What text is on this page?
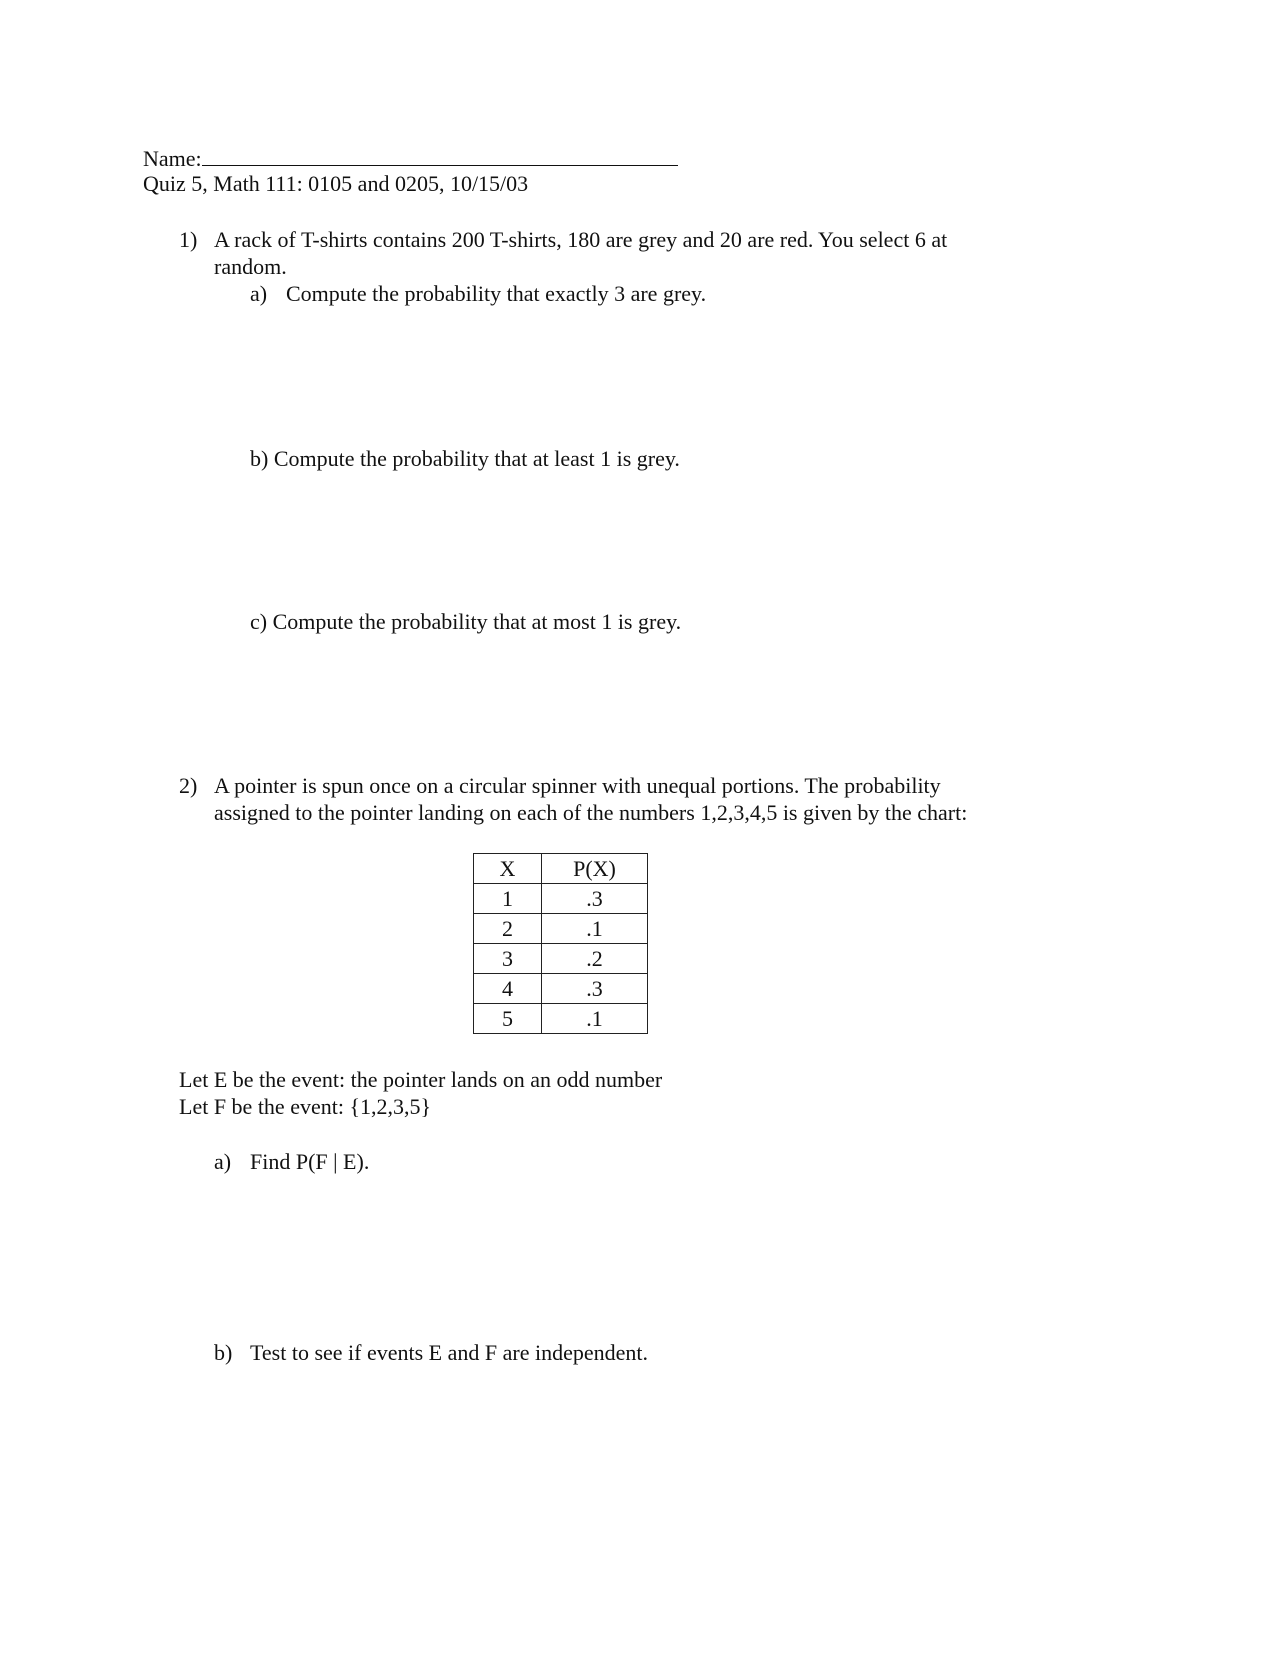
Name:
Quiz 5, Math 111: 0105 and 0205, 10/15/03
1) A rack of T-shirts contains 200 T-shirts, 180 are grey and 20 are red. You select 6 at
random.
a) Compute the probability that exactly 3 are grey.
b) Compute the probability that at least 1 is grey.
c) Compute the probability that at most 1 is grey.
2) A pointer is spun once on a circular spinner with unequal portions. The probability
assigned to the pointer landing on each of the numbers 1,2,3,4,5 is given by the chart:
X	P(X)
1	.3
2	.1
3	.2
4	.3
5	.1
Let E be the event: the pointer lands on an odd number
Let F be the event: {1,2,3,5}
a) Find P(F | E).
b) Test to see if events E and F are independent.
